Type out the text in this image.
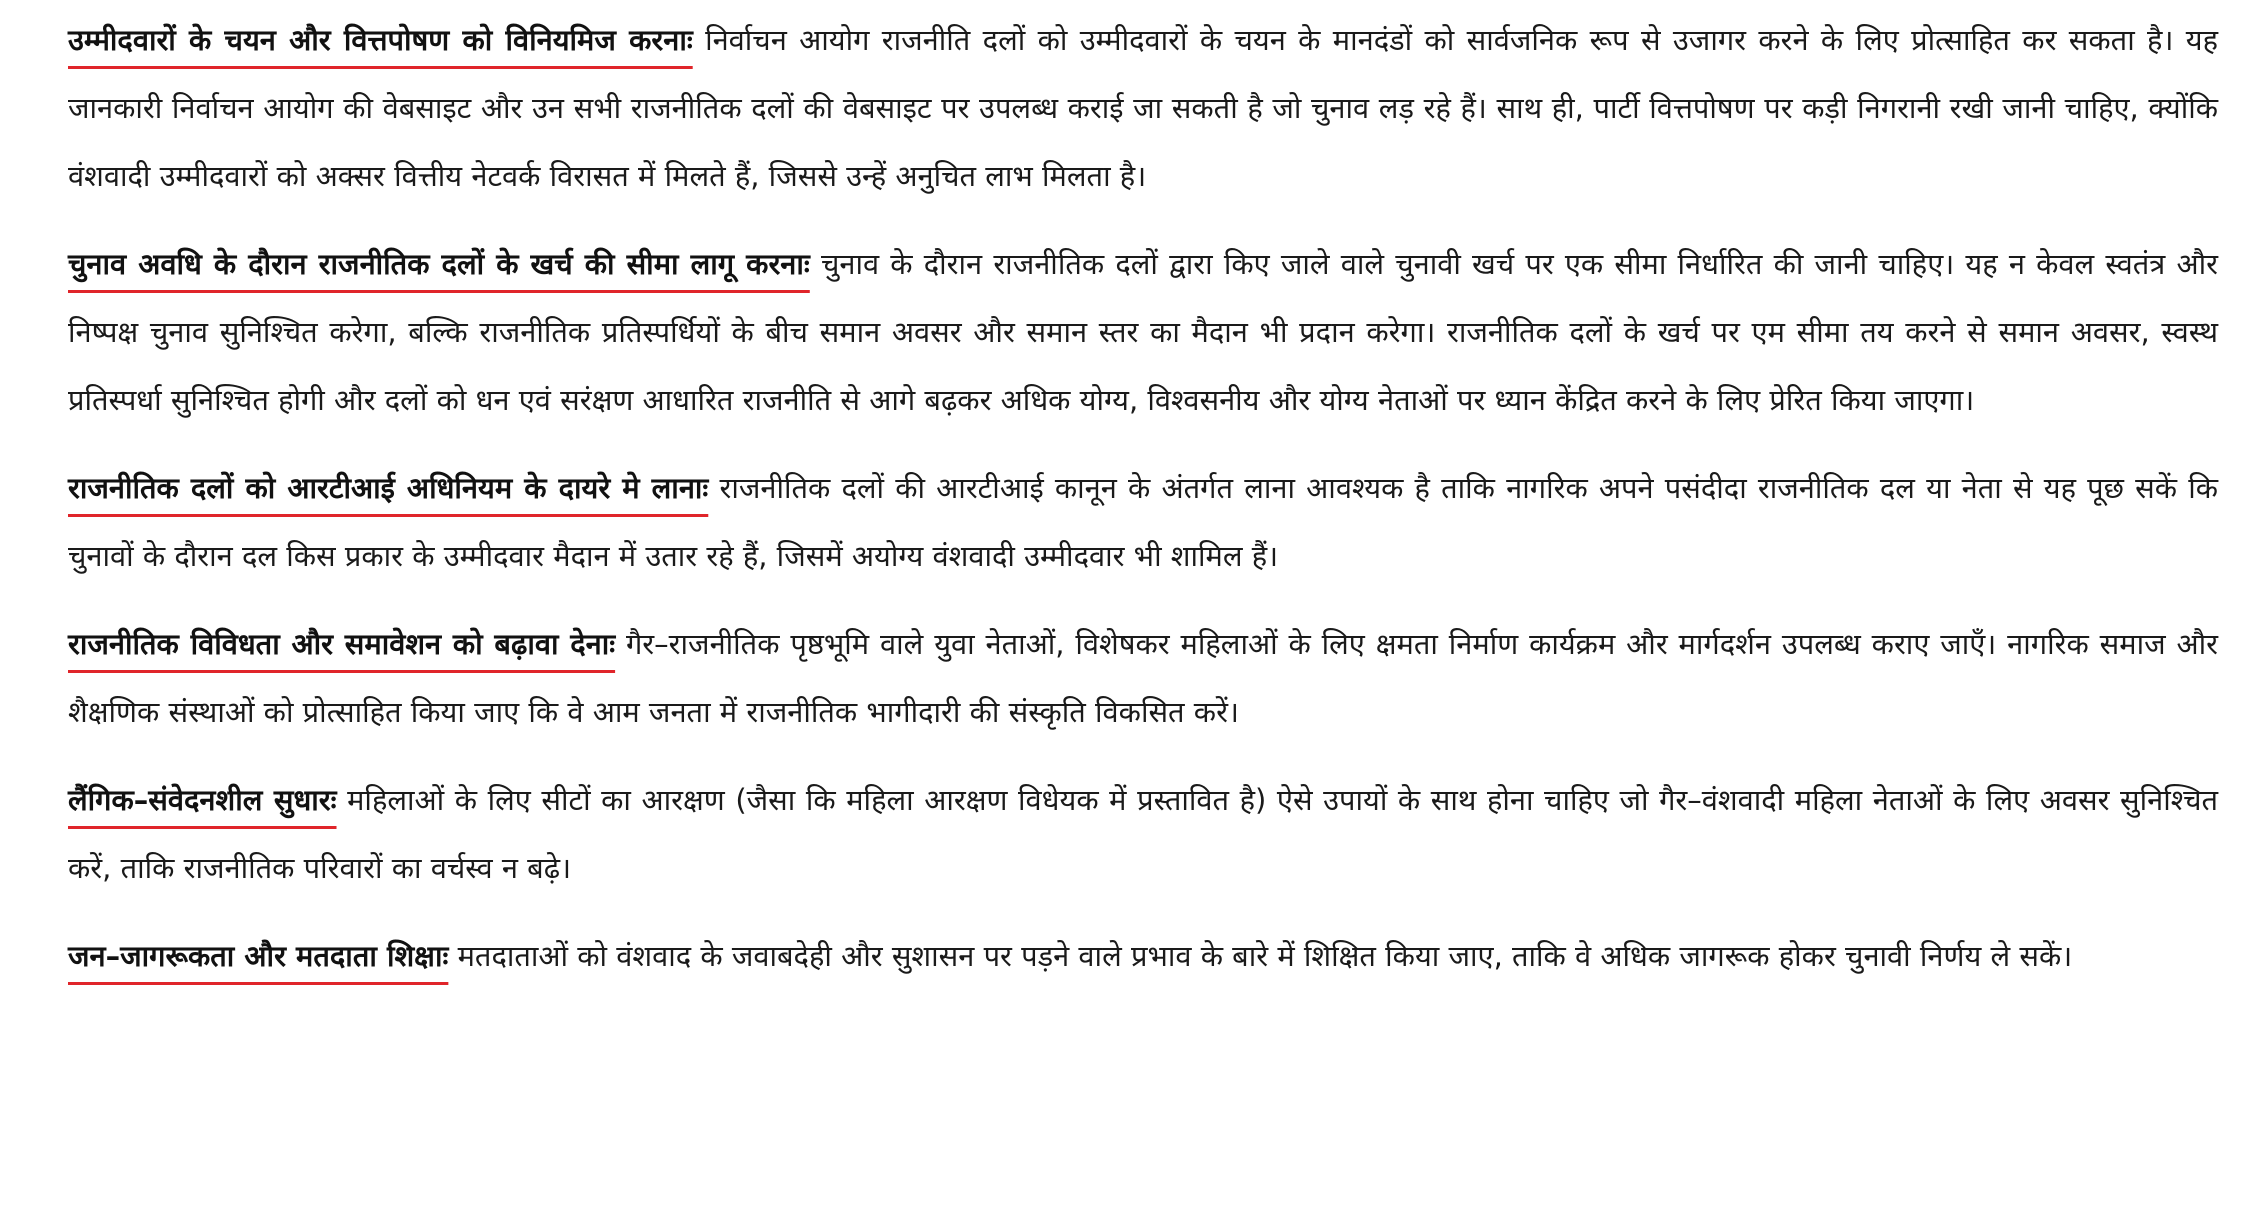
उम्मीदवारों के चयन और वित्तपोषण को विनियमिज करनाः निर्वाचन आयोग राजनीति दलों को उम्मीदवारों के चयन के मानदंडों को सार्वजनिक रूप से उजागर करने के लिए प्रोत्साहित कर सकता है। यह जानकारी निर्वाचन आयोग की वेबसाइट और उन सभी राजनीतिक दलों की वेबसाइट पर उपलब्ध कराई जा सकती है जो चुनाव लड़ रहे हैं। साथ ही, पार्टी वित्तपोषण पर कड़ी निगरानी रखी जानी चाहिए, क्योंकि वंशवादी उम्मीदवारों को अक्सर वित्तीय नेटवर्क विरासत में मिलते हैं, जिससे उन्हें अनुचित लाभ मिलता है।

चुनाव अवधि के दौरान राजनीतिक दलों के खर्च की सीमा लागू करनाः चुनाव के दौरान राजनीतिक दलों द्वारा किए जाले वाले चुनावी खर्च पर एक सीमा निर्धारित की जानी चाहिए। यह न केवल स्वतंत्र और निष्पक्ष चुनाव सुनिश्चित करेगा, बल्कि राजनीतिक प्रतिस्पर्धियों के बीच समान अवसर और समान स्तर का मैदान भी प्रदान करेगा। राजनीतिक दलों के खर्च पर एम सीमा तय करने से समान अवसर, स्वस्थ प्रतिस्पर्धा सुनिश्चित होगी और दलों को धन एवं सरंक्षण आधारित राजनीति से आगे बढ़कर अधिक योग्य, विश्वसनीय और योग्य नेताओं पर ध्यान केंद्रित करने के लिए प्रेरित किया जाएगा।

राजनीतिक दलों को आरटीआई अधिनियम के दायरे मे लानाः राजनीतिक दलों की आरटीआई कानून के अंतर्गत लाना आवश्यक है ताकि नागरिक अपने पसंदीदा राजनीतिक दल या नेता से यह पूछ सकें कि चुनावों के दौरान दल किस प्रकार के उम्मीदवार मैदान में उतार रहे हैं, जिसमें अयोग्य वंशवादी उम्मीदवार भी शामिल हैं।

राजनीतिक विविधता और समावेशन को बढ़ावा देनाः गैर–राजनीतिक पृष्ठभूमि वाले युवा नेताओं, विशेषकर महिलाओं के लिए क्षमता निर्माण कार्यक्रम और मार्गदर्शन उपलब्ध कराए जाएँ। नागरिक समाज और शैक्षणिक संस्थाओं को प्रोत्साहित किया जाए कि वे आम जनता में राजनीतिक भागीदारी की संस्कृति विकसित करें।

लैंगिक–संवेदनशील सुधारः महिलाओं के लिए सीटों का आरक्षण (जैसा कि महिला आरक्षण विधेयक में प्रस्तावित है) ऐसे उपायों के साथ होना चाहिए जो गैर–वंशवादी महिला नेताओं के लिए अवसर सुनिश्चित करें, ताकि राजनीतिक परिवारों का वर्चस्व न बढ़े।

जन–जागरूकता और मतदाता शिक्षाः मतदाताओं को वंशवाद के जवाबदेही और सुशासन पर पड़ने वाले प्रभाव के बारे में शिक्षित किया जाए, ताकि वे अधिक जागरूक होकर चुनावी निर्णय ले सकें।
